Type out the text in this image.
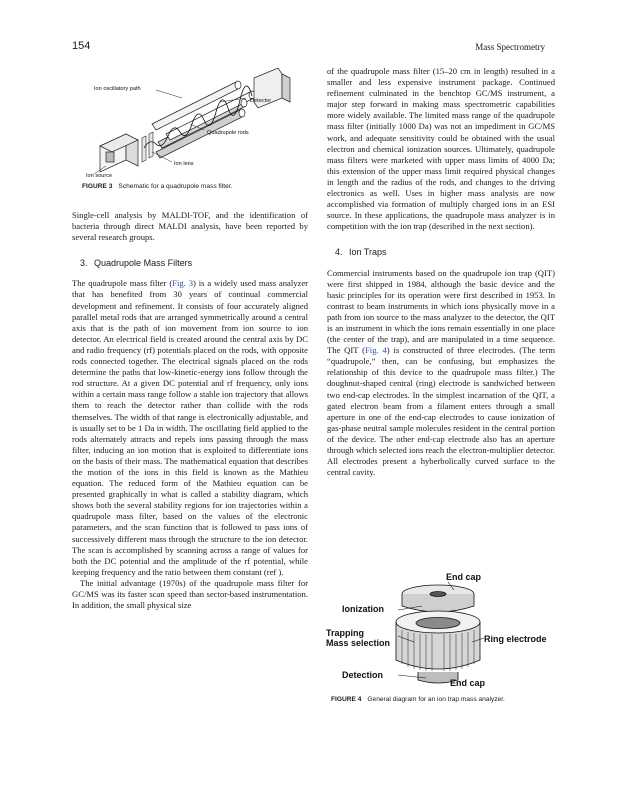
154	Mass Spectrometry
Ion oscillatory path
Detector
Quadrupole rods
Ion lens
Ion source
FIGURE 3 Schematic for a quadrupole mass filter.

Single-cell analysis by MALDI-TOF, and the identification of bacteria through direct MALDI analysis, have been reported by several research groups.

3. Quadrupole Mass Filters

The quadrupole mass filter (Fig. 3) is a widely used mass analyzer that has benefited from 30 years of continual commercial development and refinement. It consists of four accurately aligned parallel metal rods that are arranged symmetrically around a central axis that is the path of ion movement from ion source to ion detector. An electrical field is created around the central axis by DC and radio frequency (rf) potentials placed on the rods, with opposite rods connected together. The electrical signals placed on the rods determine the paths that low-kinetic-energy ions follow through the rod structure. At a given DC potential and rf frequency, only ions within a certain mass range follow a stable ion trajectory that allows them to reach the detector rather than collide with the rods themselves. The width of that range is electronically adjustable, and is usually set to be 1 Da in width. The oscillating field applied to the rods alternately attracts and repels ions passing through the mass filter, inducing an ion motion that is exploited to differentiate ions on the basis of their mass. The mathematical equation that describes the motion of the ions in this field is known as the Mathieu equation. The reduced form of the Mathieu equation can be presented graphically in what is called a stability diagram, which shows both the several stability regions for ion trajectories within a quadrupole mass filter, based on the values of the electronic parameters, and the scan function that is followed to pass ions of successively different mass through the structure to the ion detector. The scan is accomplished by scanning across a range of values for both the DC potential and the amplitude of the rf potential, while keeping frequency and the ratio between them constant (ref ).

The initial advantage (1970s) of the quadrupole mass filter for GC/MS was its faster scan speed than sector-based instrumentation. In addition, the small physical size

of the quadrupole mass filter (15–20 cm in length) resulted in a smaller and less expensive instrument package. Continued refinement culminated in the benchtop GC/MS instrument, a major step forward in making mass spectrometric capabilities more widely available. The limited mass range of the quadrupole mass filter (initially 1000 Da) was not an impediment in GC/MS work, and adequate sensitivity could be obtained with the usual electron and chemical ionization sources. Ultimately, quadrupole mass filters were marketed with upper mass limits of 4000 Da; this extension of the upper mass limit required physical changes in length and the radius of the rods, and changes to the driving electronics as well. Uses in higher mass analysis are now accomplished via formation of multiply charged ions in an ESI source. In these applications, the quadrupole mass analyzer is in competition with the ion trap (described in the next section).

4. Ion Traps

Commercial instruments based on the quadrupole ion trap (QIT) were first shipped in 1984, although the basic device and the basic principles for its operation were first described in 1953. In contrast to beam instruments in which ions physically move in a path from ion source to the mass analyzer to the detector, the QIT is an instrument in which the ions remain essentially in one place (the center of the trap), and are manipulated in a time sequence. The QIT (Fig. 4) is constructed of three electrodes. (The term “quadrupole,” then, can be confusing, but emphasizes the relationship of this device to the quadrupole mass filter.) The doughnut-shaped central (ring) electrode is sandwiched between two end-cap electrodes. In the simplest incarnation of the QIT, a gated electron beam from a filament enters through a small aperture in one of the end-cap electrodes to cause ionization of gas-phase neutral sample molecules resident in the central portion of the device. The other end-cap electrode also has an aperture through which selected ions reach the electron-multiplier detector. All electrodes present a hyberbolically curved surface to the central cavity.

End cap
Ionization
Trapping
Mass selection	Ring electrode
Detection
End cap
FIGURE 4 General diagram for an ion trap mass analyzer.
